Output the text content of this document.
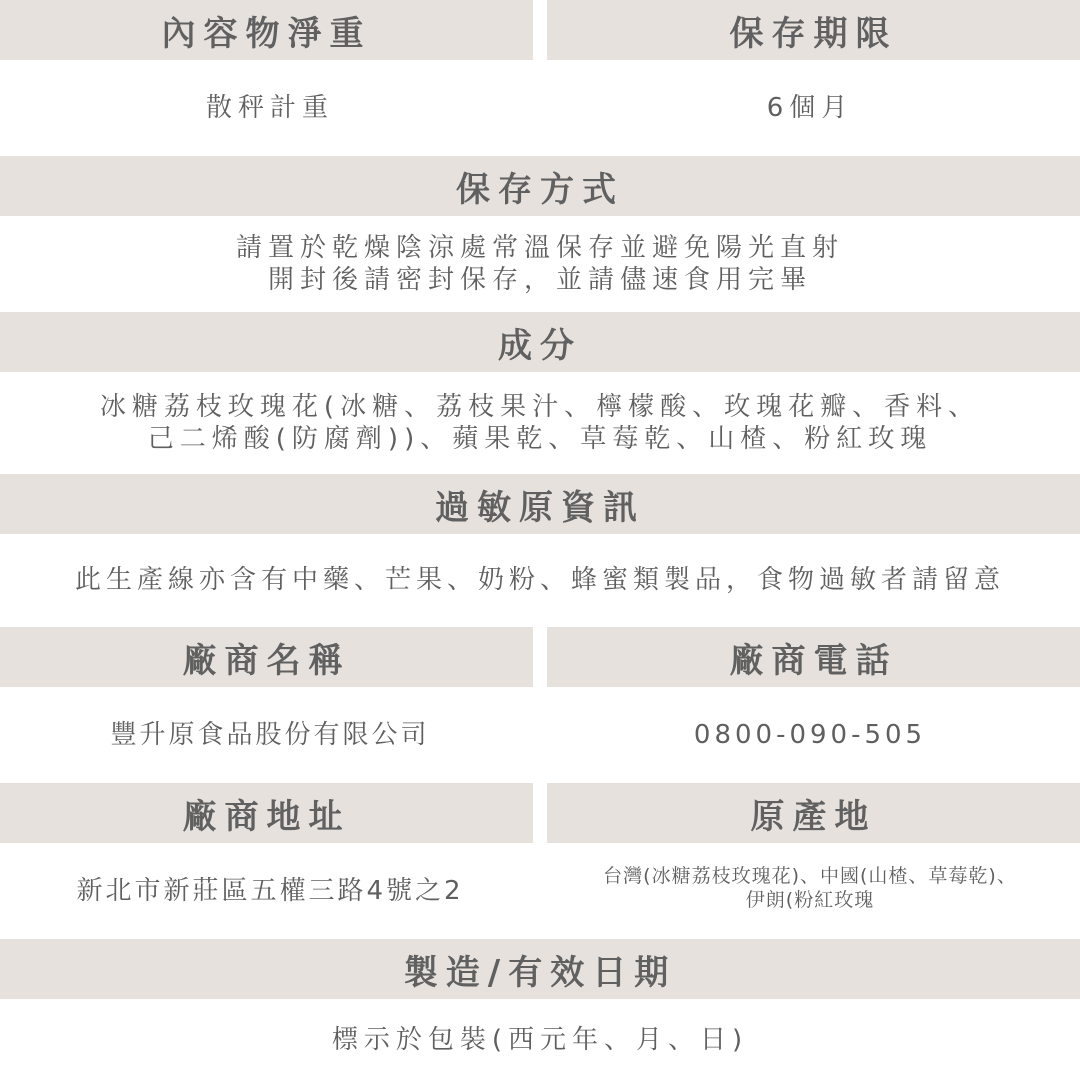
內容物淨重	保存期限
散秤計重	6個月
保存方式
請置於乾燥陰涼處常溫保存並避免陽光直射
開封後請密封保存，並請儘速食用完畢
成分
冰糖荔枝玫瑰花(冰糖、荔枝果汁、檸檬酸、玫瑰花瓣、香料、
己二烯酸(防腐劑))、蘋果乾、草莓乾、山楂、粉紅玫瑰
過敏原資訊
此生產線亦含有中藥、芒果、奶粉、蜂蜜類製品，食物過敏者請留意
廠商名稱	廠商電話
豐升原食品股份有限公司	0800-090-505
廠商地址	原產地
新北市新莊區五權三路4號之2	台灣(冰糖荔枝玫瑰花)、中國(山楂、草莓乾)、
伊朗(粉紅玫瑰
製造/有效日期
標示於包裝(西元年、月、日)
